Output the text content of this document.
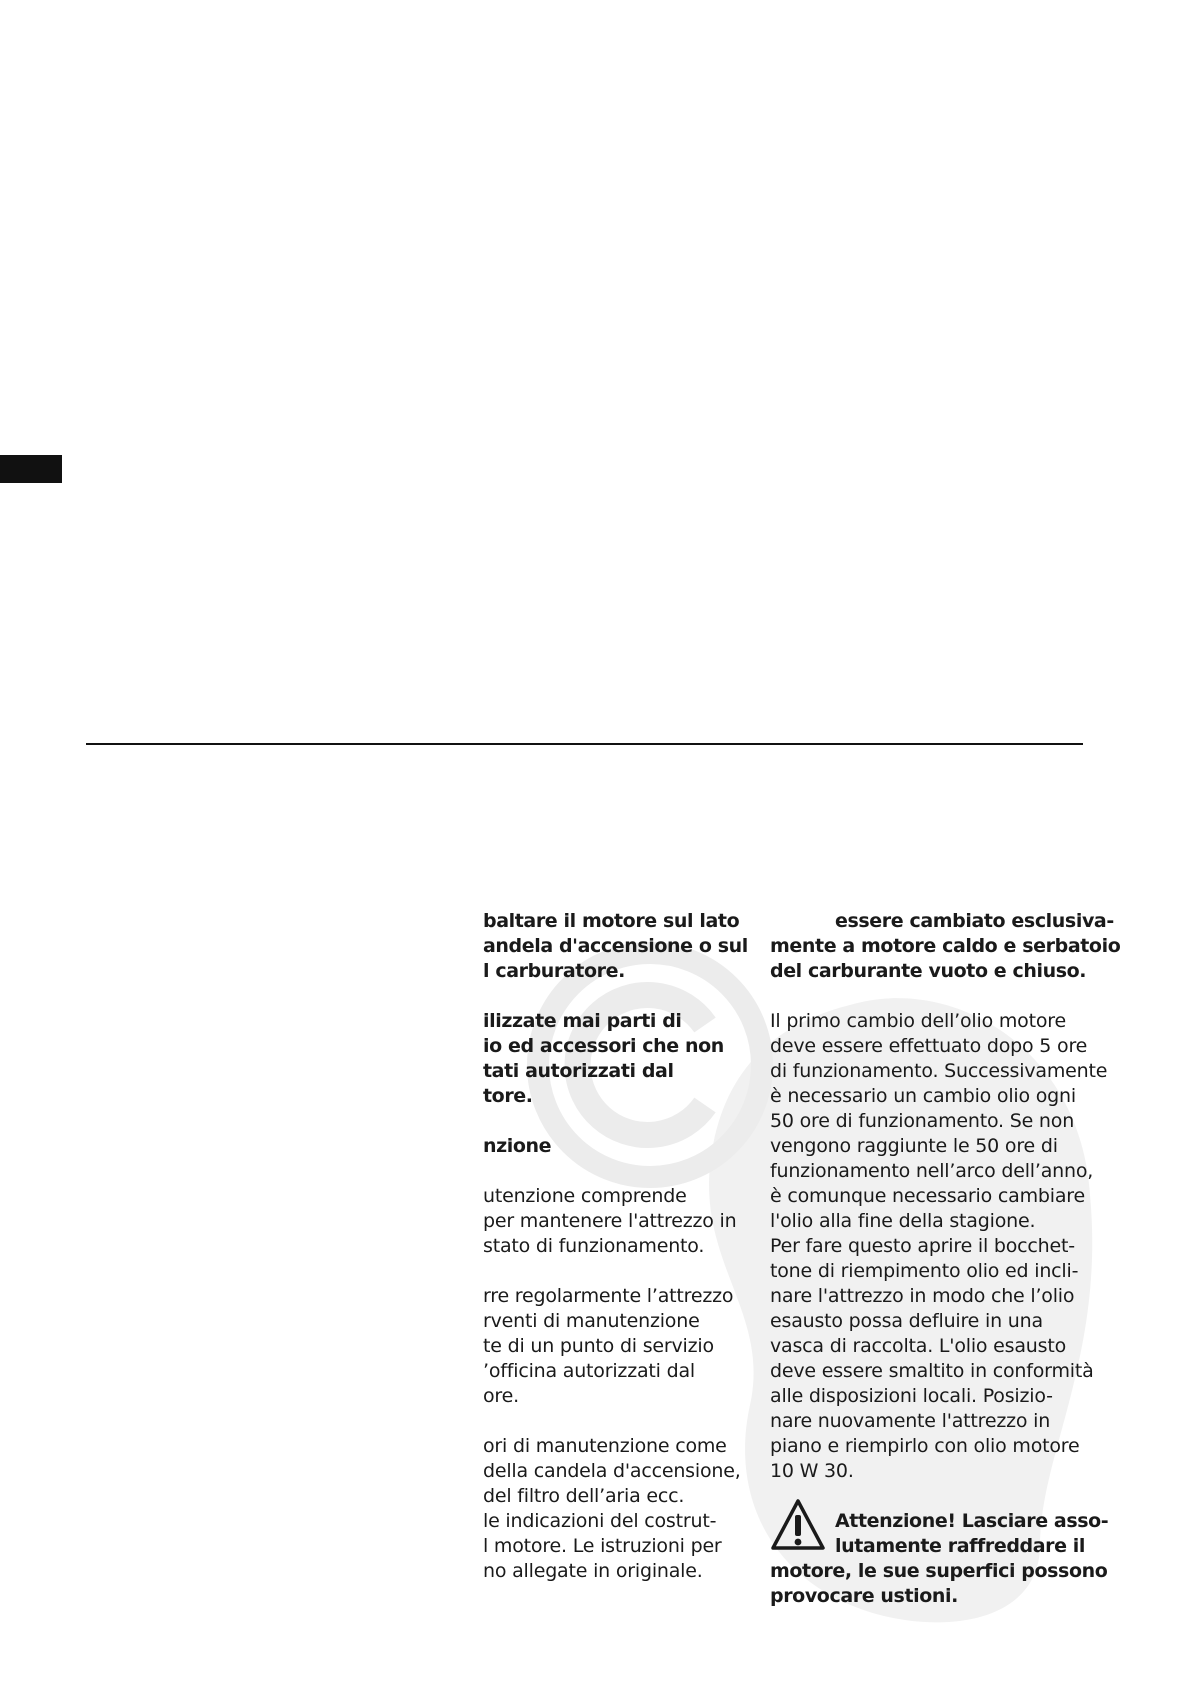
baltare il motore sul lato
andela d'accensione o sul
l carburatore.
ilizzate mai parti di
io ed accessori che non
tati autorizzati dal
tore.
nzione
utenzione comprende
per mantenere l'attrezzo in
stato di funzionamento.
rre regolarmente l’attrezzo
rventi di manutenzione
te di un punto di servizio
’officina autorizzati dal
ore.
ori di manutenzione come
della candela d'accensione,
del filtro dell’aria ecc.
le indicazioni del costrut-
l motore. Le istruzioni per
no allegate in originale.
essere cambiato esclusiva-
mente a motore caldo e serbatoio
del carburante vuoto e chiuso.
Il primo cambio dell’olio motore
deve essere effettuato dopo 5 ore
di funzionamento. Successivamente
è necessario un cambio olio ogni
50 ore di funzionamento. Se non
vengono raggiunte le 50 ore di
funzionamento nell’arco dell’anno,
è comunque necessario cambiare
l'olio alla fine della stagione.
Per fare questo aprire il bocchet-
tone di riempimento olio ed incli-
nare l'attrezzo in modo che l’olio
esausto possa defluire in una
vasca di raccolta. L'olio esausto
deve essere smaltito in conformità
alle disposizioni locali. Posizio-
nare nuovamente l'attrezzo in
piano e riempirlo con olio motore
10 W 30.
Attenzione! Lasciare asso-
lutamente raffreddare il
motore, le sue superfici possono
provocare ustioni.
